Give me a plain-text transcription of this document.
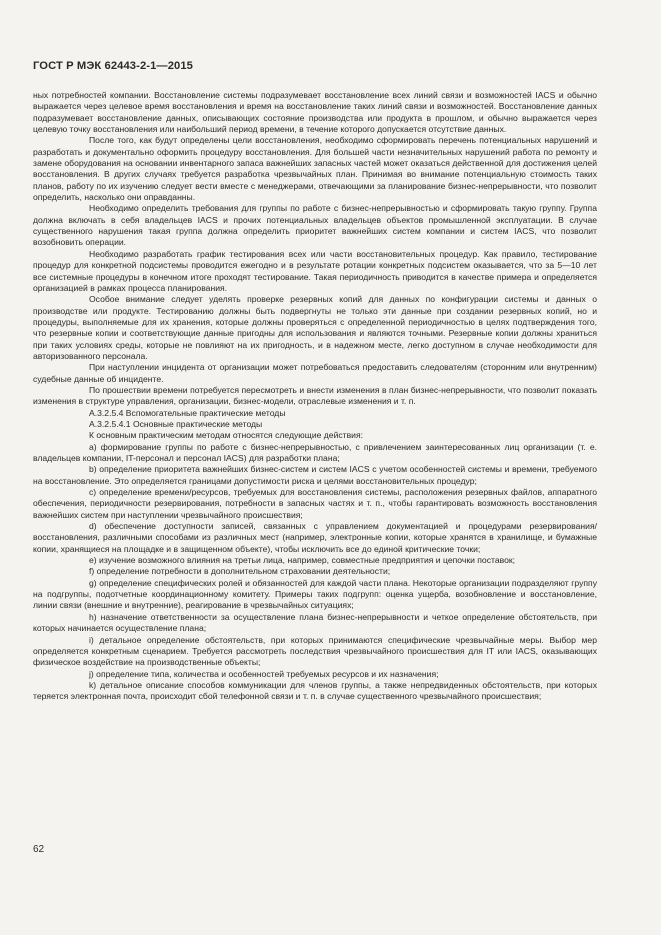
ГОСТ Р МЭК 62443-2-1—2015

ных потребностей компании. Восстановление системы подразумевает восстановление всех линий связи и возможностей IACS и обычно выражается через целевое время восстановления и время на восстановление таких линий связи и возможностей. Восстановление данных подразумевает восстановление данных, описывающих состояние производства или продукта в прошлом, и обычно выражается через целевую точку восстановления или наибольший период времени, в течение которого допускается отсутствие данных.

После того, как будут определены цели восстановления, необходимо сформировать перечень потенциальных нарушений и разработать и документально оформить процедуру восстановления. Для большей части незначительных нарушений работа по ремонту и замене оборудования на основании инвентарного запаса важнейших запасных частей может оказаться действенной для достижения целей восстановления. В других случаях требуется разработка чрезвычайных план. Принимая во внимание потенциальную стоимость таких планов, работу по их изучению следует вести вместе с менеджерами, отвечающими за планирование бизнес-непрерывности, что позволит определить, насколько они оправданны.

Необходимо определить требования для группы по работе с бизнес-непрерывностью и сформировать такую группу. Группа должна включать в себя владельцев IACS и прочих потенциальных владельцев объектов промышленной эксплуатации. В случае существенного нарушения такая группа должна определить приоритет важнейших систем компании и систем IACS, что позволит возобновить операции.

Необходимо разработать график тестирования всех или части восстановительных процедур. Как правило, тестирование процедур для конкретной подсистемы проводится ежегодно и в результате ротации конкретных подсистем оказывается, что за 5—10 лет все системные процедуры в конечном итоге проходят тестирование. Такая периодичность приводится в качестве примера и определяется организацией в рамках процесса планирования.

Особое внимание следует уделять проверке резервных копий для данных по конфигурации системы и данных о производстве или продукте. Тестированию должны быть подвергнуты не только эти данные при создании резервных копий, но и процедуры, выполняемые для их хранения, которые должны проверяться с определенной периодичностью в целях подтверждения того, что резервные копии и соответствующие данные пригодны для использования и являются точными. Резервные копии должны храниться при таких условиях среды, которые не повлияют на их пригодность, и в надежном месте, легко доступном в случае необходимости для авторизованного персонала.

При наступлении инцидента от организации может потребоваться предоставить следователям (сторонним или внутренним) судебные данные об инциденте.

По прошествии времени потребуется пересмотреть и внести изменения в план бизнес-непрерывности, что позволит показать изменения в структуре управления, организации, бизнес-модели, отраслевые изменения и т. п.

А.3.2.5.4 Вспомогательные практические методы

А.3.2.5.4.1 Основные практические методы

К основным практическим методам относятся следующие действия:

a) формирование группы по работе с бизнес-непрерывностью, с привлечением заинтересованных лиц организации (т. е. владельцев компании, IT-персонал и персонал IACS) для разработки плана;

b) определение приоритета важнейших бизнес-систем и систем IACS с учетом особенностей системы и времени, требуемого на восстановление. Это определяется границами допустимости риска и целями восстановительных процедур;

c) определение времени/ресурсов, требуемых для восстановления системы, расположения резервных файлов, аппаратного обеспечения, периодичности резервирования, потребности в запасных частях и т. п., чтобы гарантировать возможность восстановления важнейших систем при наступлении чрезвычайного происшествия;

d) обеспечение доступности записей, связанных с управлением документацией и процедурами резервирования/восстановления, различными способами из различных мест (например, электронные копии, которые хранятся в хранилище, и бумажные копии, хранящиеся на площадке и в защищенном объекте), чтобы исключить все до единой критические точки;

e) изучение возможного влияния на третьи лица, например, совместные предприятия и цепочки поставок;

f) определение потребности в дополнительном страховании деятельности;

g) определение специфических ролей и обязанностей для каждой части плана. Некоторые организации подразделяют группу на подгруппы, подотчетные координационному комитету. Примеры таких подгрупп: оценка ущерба, возобновление и восстановление, линии связи (внешние и внутренние), реагирование в чрезвычайных ситуациях;

h) назначение ответственности за осуществление плана бизнес-непрерывности и четкое определение обстоятельств, при которых начинается осуществление плана;

i) детальное определение обстоятельств, при которых принимаются специфические чрезвычайные меры. Выбор мер определяется конкретным сценарием. Требуется рассмотреть последствия чрезвычайного происшествия для IT или IACS, оказывающих физическое воздействие на производственные объекты;

j) определение типа, количества и особенностей требуемых ресурсов и их назначения;

k) детальное описание способов коммуникации для членов группы, а также непредвиденных обстоятельств, при которых теряется электронная почта, происходит сбой телефонной связи и т. п. в случае существенного чрезвычайного происшествия;

62
